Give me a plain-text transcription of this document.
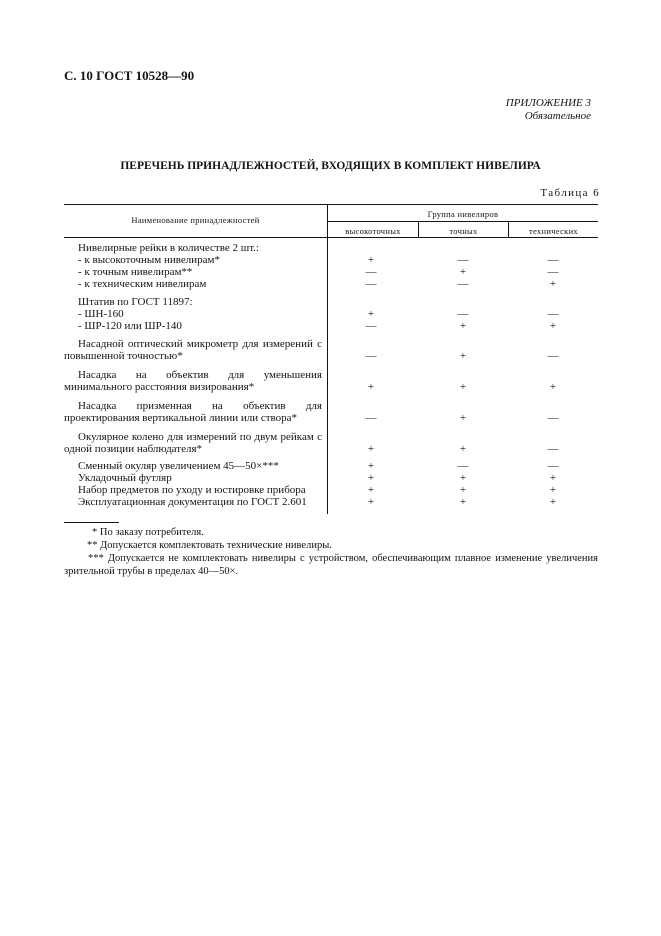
С. 10 ГОСТ 10528—90
ПРИЛОЖЕНИЕ 3
Обязательное
ПЕРЕЧЕНЬ ПРИНАДЛЕЖНОСТЕЙ, ВХОДЯЩИХ В КОМПЛЕКТ НИВЕЛИРА
Таблица 6
Наименование принадлежностей
Группа нивелиров
высокоточных	точных	технических
Нивелирные рейки в количестве 2 шт.:
- к высокоточным нивелирам*	+	—	—
- к точным нивелирам**	—	+	—
- к техническим нивелирам	—	—	+
Штатив по ГОСТ 11897:
- ШН-160	+	—	—
- ШР-120 или ШР-140	—	+	+
Насадной оптический микрометр для измерений с повышенной точностью*	—	+	—
Насадка на объектив для уменьшения минимального расстояния визирования*	+	+	+
Насадка призменная на объектив для проектирования вертикальной линии или створа*	—	+	—
Окулярное колено для измерений по двум рейкам с одной позиции наблюдателя*	+	+	—
Сменный окуляр увеличением 45—50×***	+	—	—
Укладочный футляр	+	+	+
Набор предметов по уходу и юстировке прибора	+	+	+
Эксплуатационная документация по ГОСТ 2.601	+	+	+
* По заказу потребителя.
** Допускается комплектовать технические нивелиры.
*** Допускается не комплектовать нивелиры с устройством, обеспечивающим плавное изменение увеличения зрительной трубы в пределах 40—50×.
